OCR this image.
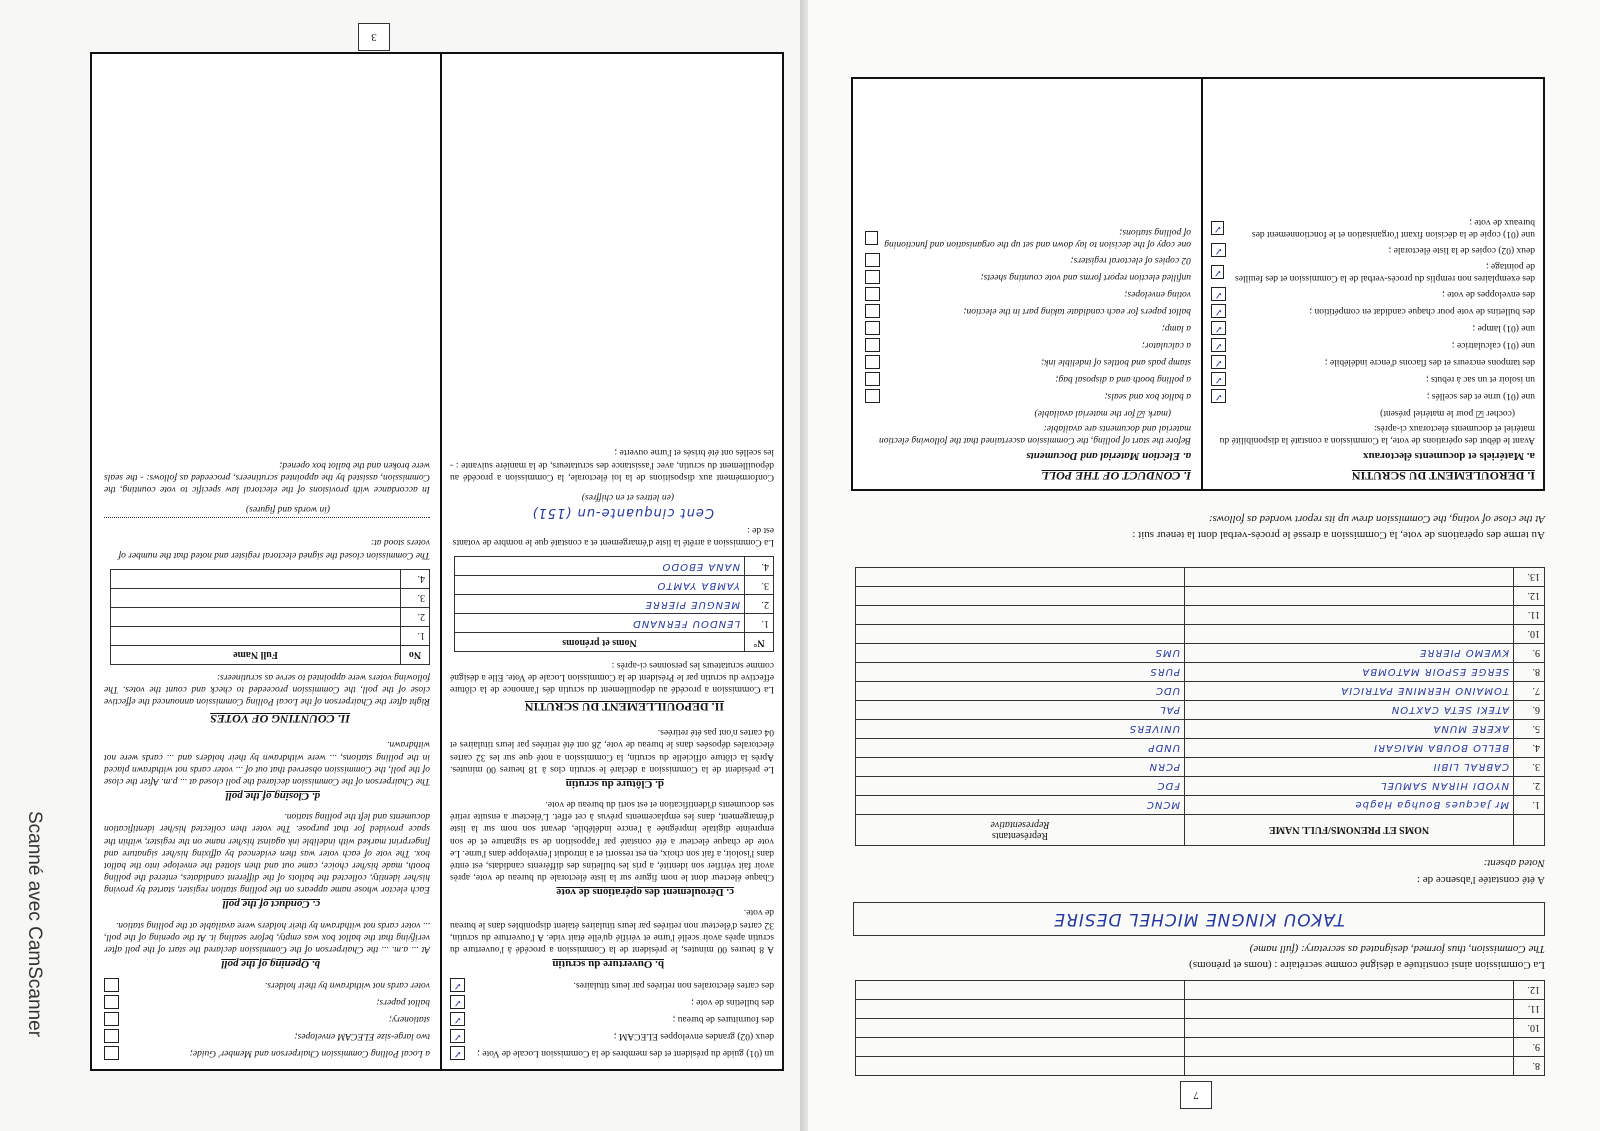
7
8.		
9.		
10.		
11.		
12.		
La Commission ainsi constituée a désigné comme secrétaire : (noms et prénoms)
The Commission, thus formed, designated as secretary: (full name)
TAKOU KINGNE MICHEL DESIRE
A été constatée l'absence de :
Noted absent:
	NOMS ET PRENOMS/FULL NAME	Représentants
Representative

1.	Mr Jacques Bouhga Hagbe	MCNC
2.	NYODI HIRAN SAMUEL	FDC
3.	CABRAL LIBII	PCRN
4.	BELLO BOUBA MAIGARI	UNDP
5.	AKERE MUNA	UNIVERS
6.	ATEKI SETA CAXTON	PAL
7.	TOMAINO HERMINE PATRICIA	UDC
8.	SERGE ESPOIR MATOMBA	PURS
9.	KWEMO PIERRE	UMS
10.		
11.		
12.		
13.		
Au terme des opérations de vote, la Commission a dressé le procès-verbal dont la teneur suit :
At the close of voting, the Commission drew up its report worded as follows:
I. DEROULEMENT DU SCRUTIN
a. Matériels et documents électoraux
Avant le début des opérations de vote, la Commission a constaté la disponibilité du matériel et documents électoraux ci-après:
(cocher ☑ pour le matériel présent)
une (01) urne et des scellés ;
✓
un isoloir et un sac à rebuts ;
✓
des tampons encreurs et des flacons d'encre indélébile ;
✓
une (01) calculatrice ;
✓
une (01) lampe ;
✓
des bulletins de vote pour chaque candidat en compétition ;
✓
des enveloppes de vote ;
✓
des exemplaires non remplis du procès-verbal de la Commission et des feuilles de pointage ;
✓
deux (02) copies de la liste électorale ;
✓
une (01) copie de la décision fixant l'organisation et le fonctionnement des bureaux de vote ;
✓
I. CONDUCT OF THE POLL
a. Election Material and Documents
Before the start of polling, the Commission ascertained that the following election material and documents are available:
(mark ☑ for the material available)
a ballot box and seals;
a polling booth and a disposal bag;
stamp pads and bottles of indelible ink;
a calculator;
a lamp;
ballot papers for each candidate taking part in the election;
voting envelopes;
unfilled election report forms and vote counting sheets;
02 copies of electoral registers;
one copy of the decision to lay down and set up the organisation and functioning of polling stations;
3
un (01) guide du président et des membres de la Commission Locale de Vote ;
✓
deux (02) grandes enveloppes ELECAM ;
✓
des fournitures de bureau ;
✓
des bulletins de vote ;
✓
des cartes électorales non retirées par leurs titulaires.
✓
b. Ouverture du scrutin
A 8 heures 00 minutes, le président de la Commission a procédé à l'ouverture du scrutin après avoir scellé l'urne et vérifié qu'elle était vide. A l'ouverture du scrutin, 32 cartes d'électeur non retirées par leurs titulaires étaient disponibles dans le bureau de vote.
c. Déroulement des opérations de vote
Chaque électeur dont le nom figure sur la liste électorale du bureau de vote, après avoir fait vérifier son identité, a pris les bulletins des différents candidats, est entré dans l'isoloir, a fait son choix, en est ressorti et a introduit l'enveloppe dans l'urne. Le vote de chaque électeur a été constaté par l'apposition de sa signature et de son empreinte digitale imprégnée à l'encre indélébile, devant son nom sur la liste d'émargement, dans les emplacements prévus à cet effet. L'électeur a ensuite retiré ses documents d'identification et est sorti du bureau de vote.
d. Clôture du scrutin
Le président de la Commission a déclaré le scrutin clos à 18 heures 00 minutes. Après la clôture officielle du scrutin, la Commission a noté que sur les 32 cartes électorales déposées dans le bureau de vote, 28 ont été retirées par leurs titulaires et 04 cartes n'ont pas été retirées.
II. DEPOUILLEMENT DU SCRUTIN
La Commission a procédé au dépouillement du scrutin dès l'annonce de la clôture effective du scrutin par le Président de la Commission Locale de Vote. Elle a désigné comme scrutateurs les personnes ci-après :
N°	Noms et prénoms
1.	LENDOU FERNAND
2.	MENGUE PIERRE
3.	YAMBA YAMTO
4.	NANA EBODO
La Commission a arrêté la liste d'émargement et a constaté que le nombre de votants est de :
Cent cinquante-un (151)
(en lettres et en chiffres)
Conformément aux dispositions de la loi électorale, la Commission a procédé au dépouillement du scrutin, avec l'assistance des scrutateurs, de la manière suivante : - les scellés ont été brisés et l'urne ouverte ;
a Local Polling Commission Chairperson and Member' Guide;
two large-size ELECAM envelopes;
stationery;
ballot papers;
voter cards not withdrawn by their holders.
b. Opening of the poll
At ... a.m. ... the Chairperson of the Commission declared the start of the poll after verifying that the ballot box was empty, before sealing it. At the opening of the poll, ... voter cards not withdrawn by their holders were available at the polling station.
c. Conduct of the poll
Each elector whose name appears on the polling station register, started by proving his/her identity, collected the ballots of the different candidates, entered the polling booth, made his/her choice, came out and then slotted the envelope into the ballot box. The vote of each voter was then evidenced by affixing his/her signature and fingerprint marked with indelible ink against his/her name on the register, within the space provided for that purpose. The voter then collected his/her identification documents and left the polling station.
d. Closing of the poll
The Chairperson of the Commission declared the poll closed at ... p.m. After the close of the poll, the Commission observed that out of ... voter cards not withdrawn placed in the polling stations, ... were withdrawn by their holders and ... cards were not withdrawn.
II. COUNTING OF VOTES
Right after the Chairperson of the Local Polling Commission announced the effective close of the poll, the Commission proceeded to check and count the votes. The following voters were appointed to serve as scrutineers:
No	Full Name
1.	
2.	
3.	
4.	
The Commission closed the signed electoral register and noted that the number of voters stood at:
(in words and figures)
In accordance with provisions of the electoral law specific to vote counting, the Commission, assisted by the appointed scrutineers, proceeded as follows: - the seals were broken and the ballot box opened;
Scanné avec CamScanner
